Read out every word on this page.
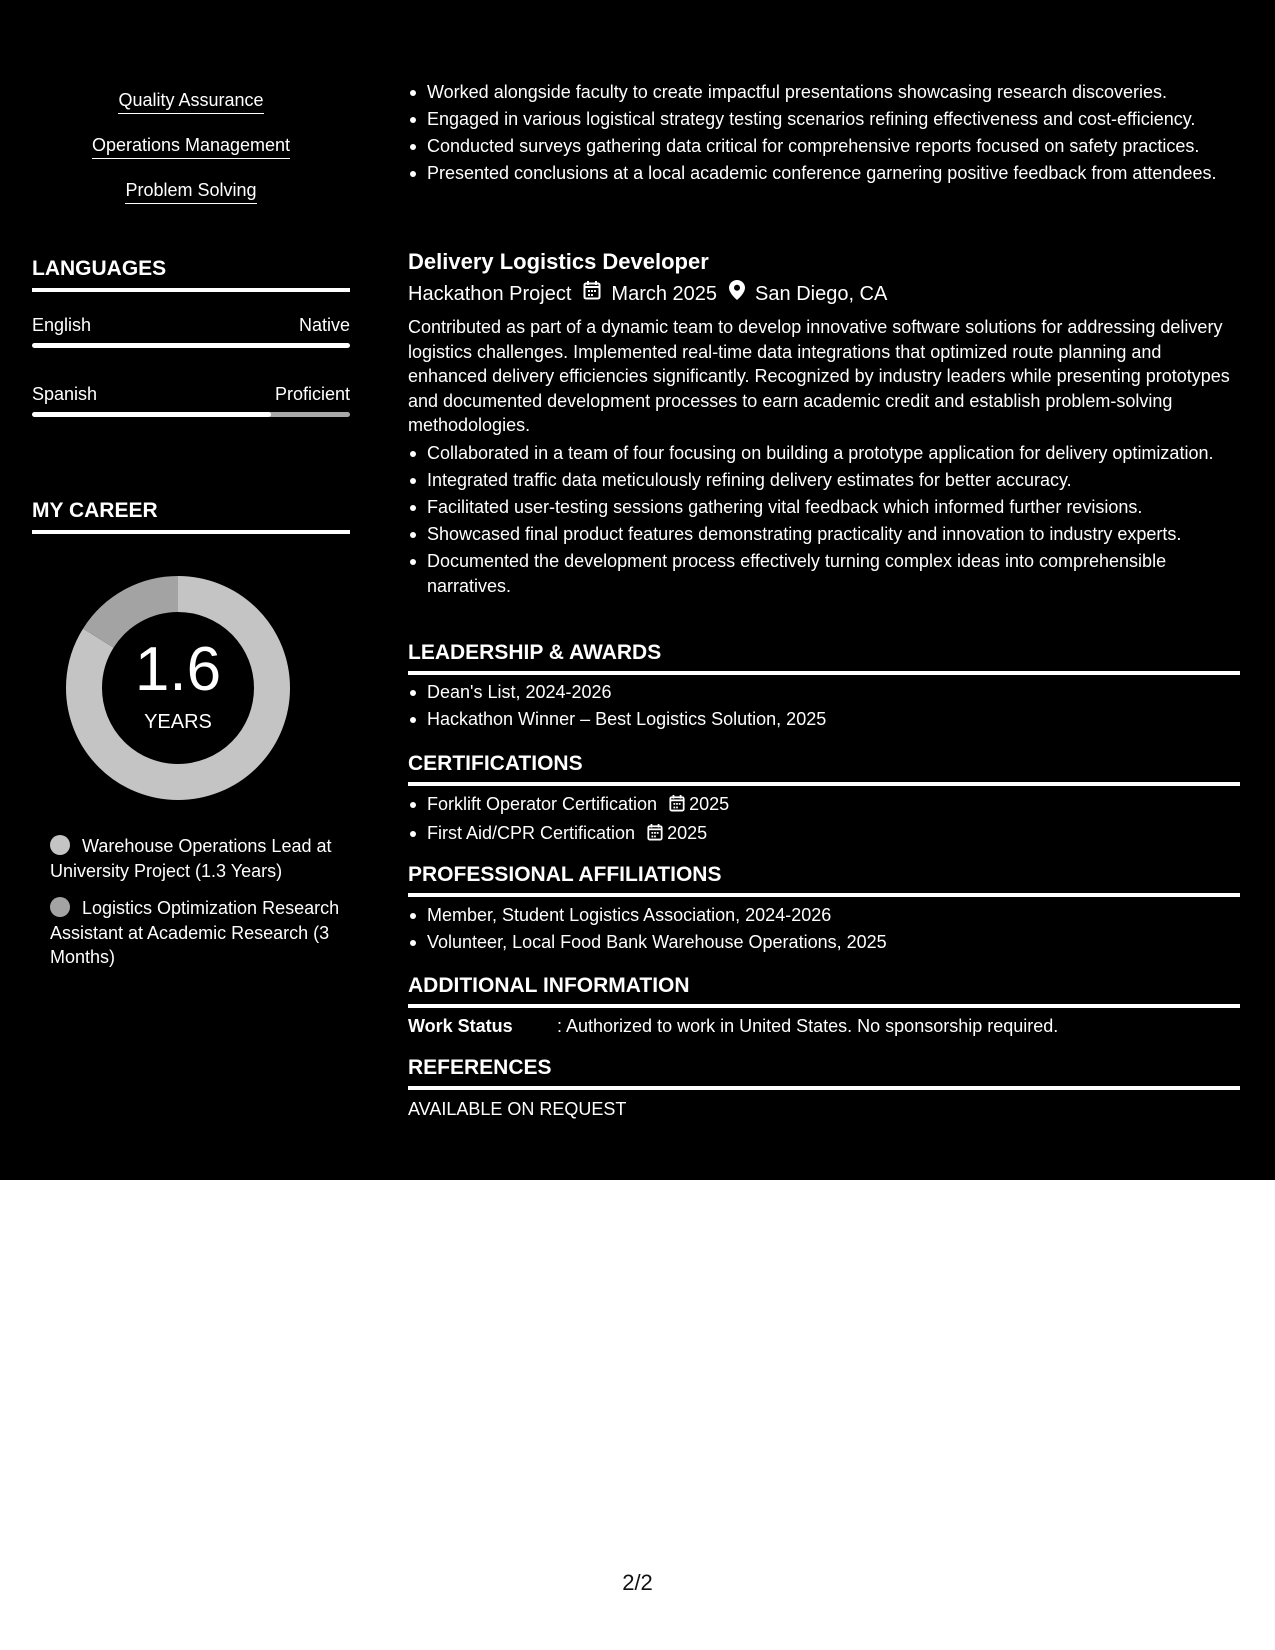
Quality Assurance
Operations Management
Problem Solving
LANGUAGES
English	Native
Spanish	Proficient
MY CAREER
1.6
YEARS
Warehouse Operations Lead at University Project (1.3 Years)
Logistics Optimization Research Assistant at Academic Research (3 Months)
Worked alongside faculty to create impactful presentations showcasing research discoveries.
Engaged in various logistical strategy testing scenarios refining effectiveness and cost-efficiency.
Conducted surveys gathering data critical for comprehensive reports focused on safety practices.
Presented conclusions at a local academic conference garnering positive feedback from attendees.
Delivery Logistics Developer
Hackathon Project March 2025 San Diego, CA
Contributed as part of a dynamic team to develop innovative software solutions for addressing delivery logistics challenges. Implemented real-time data integrations that optimized route planning and enhanced delivery efficiencies significantly. Recognized by industry leaders while presenting prototypes and documented development processes to earn academic credit and establish problem-solving methodologies.
Collaborated in a team of four focusing on building a prototype application for delivery optimization.
Integrated traffic data meticulously refining delivery estimates for better accuracy.
Facilitated user-testing sessions gathering vital feedback which informed further revisions.
Showcased final product features demonstrating practicality and innovation to industry experts.
Documented the development process effectively turning complex ideas into comprehensible narratives.
LEADERSHIP & AWARDS
Dean's List, 2024-2026
Hackathon Winner – Best Logistics Solution, 2025
CERTIFICATIONS
Forklift Operator Certification 2025
First Aid/CPR Certification 2025
PROFESSIONAL AFFILIATIONS
Member, Student Logistics Association, 2024-2026
Volunteer, Local Food Bank Warehouse Operations, 2025
ADDITIONAL INFORMATION
Work Status	: Authorized to work in United States. No sponsorship required.
REFERENCES
AVAILABLE ON REQUEST
2/2
